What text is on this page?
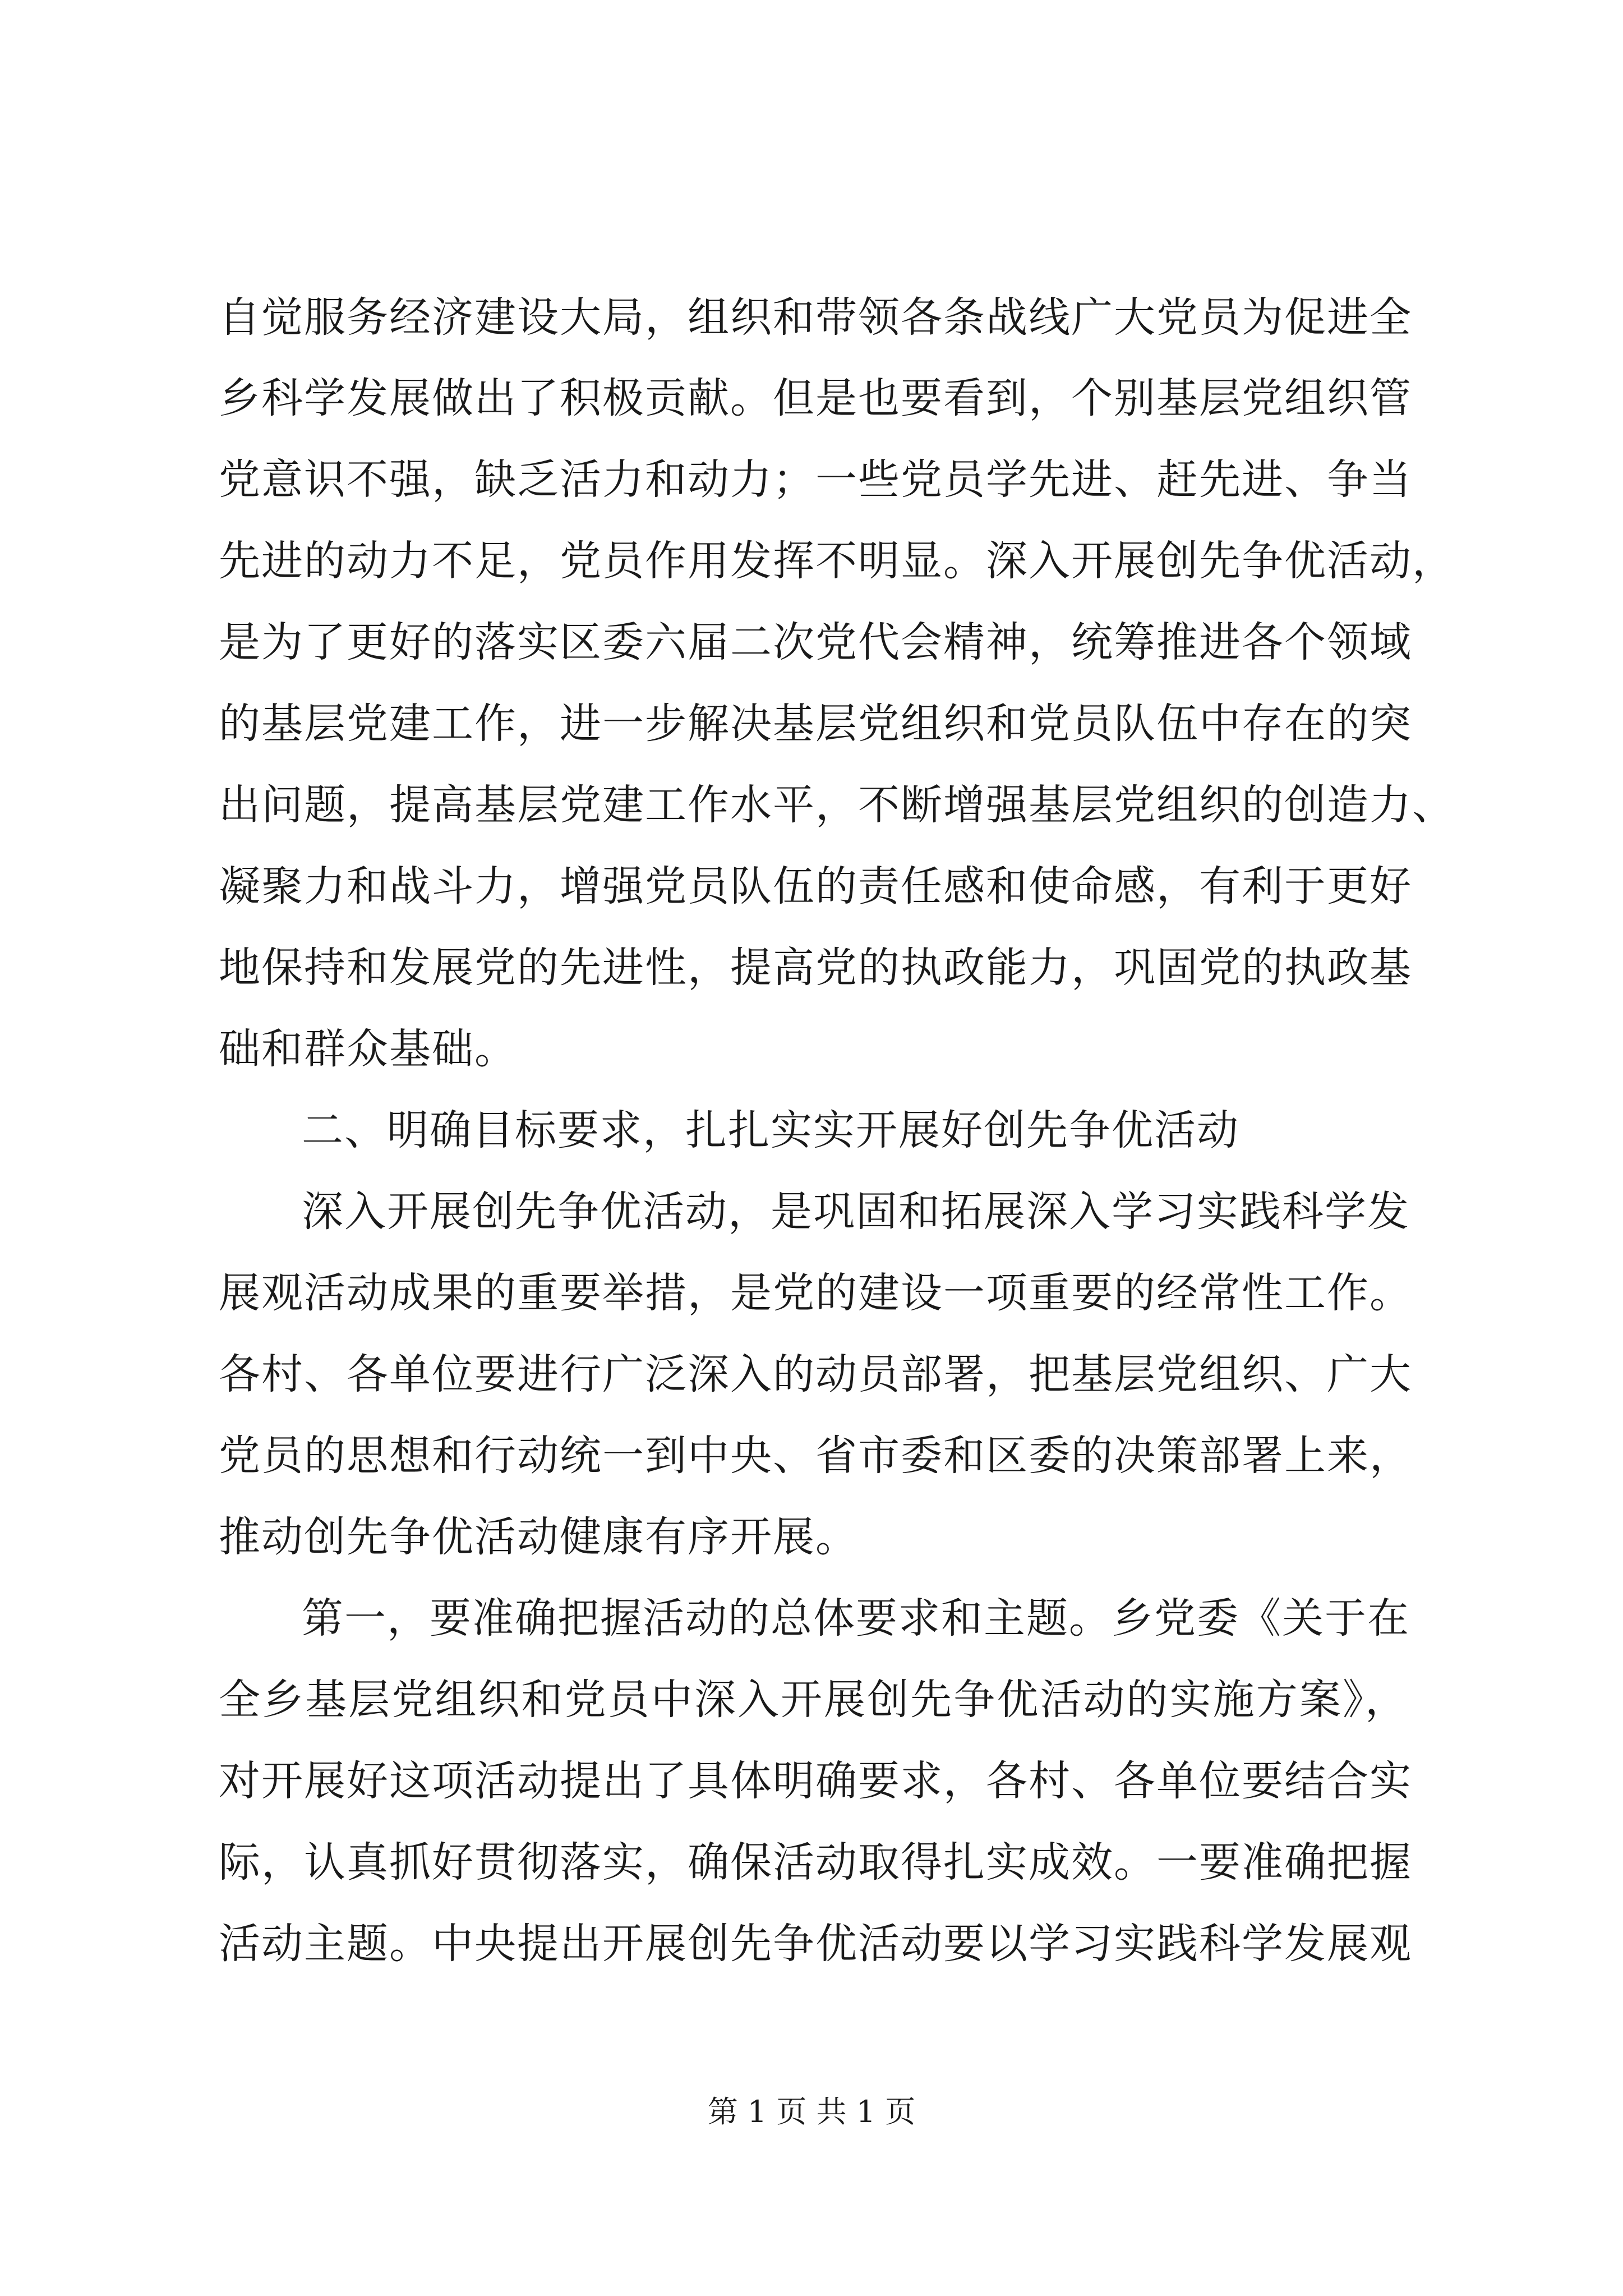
自觉服务经济建设大局，组织和带领各条战线广大党员为促进全
乡科学发展做出了积极贡献。但是也要看到，个别基层党组织管
党意识不强，缺乏活力和动力；一些党员学先进、赶先进、争当
先进的动力不足，党员作用发挥不明显。深入开展创先争优活动，
是为了更好的落实区委六届二次党代会精神，统筹推进各个领域
的基层党建工作，进一步解决基层党组织和党员队伍中存在的突
出问题，提高基层党建工作水平，不断增强基层党组织的创造力、
凝聚力和战斗力，增强党员队伍的责任感和使命感，有利于更好
地保持和发展党的先进性，提高党的执政能力，巩固党的执政基
础和群众基础。
二、明确目标要求，扎扎实实开展好创先争优活动
深入开展创先争优活动，是巩固和拓展深入学习实践科学发
展观活动成果的重要举措，是党的建设一项重要的经常性工作。
各村、各单位要进行广泛深入的动员部署，把基层党组织、广大
党员的思想和行动统一到中央、省市委和区委的决策部署上来，
推动创先争优活动健康有序开展。
第一，要准确把握活动的总体要求和主题。乡党委《关于在
全乡基层党组织和党员中深入开展创先争优活动的实施方案》，
对开展好这项活动提出了具体明确要求，各村、各单位要结合实
际，认真抓好贯彻落实，确保活动取得扎实成效。一要准确把握
活动主题。中央提出开展创先争优活动要以学习实践科学发展观
第 1 页 共 1 页
